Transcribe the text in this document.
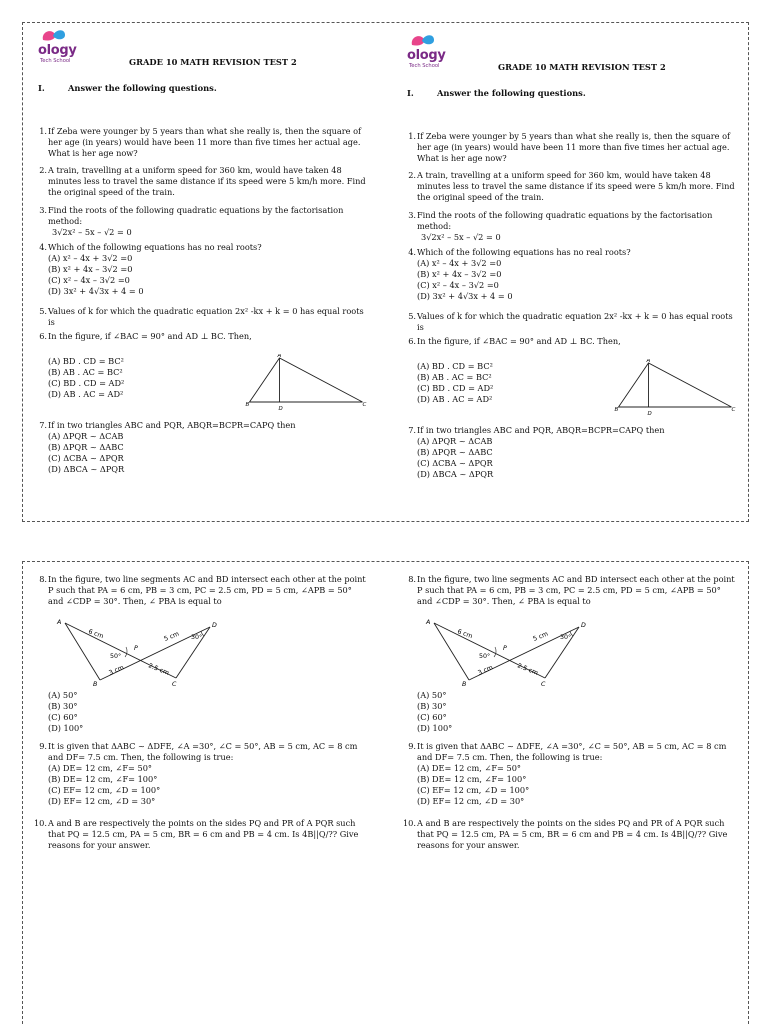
ology
Tech School	GRADE 10 MATH REVISION TEST 2
I.	Answer the following questions.
1. If Zeba were younger by 5 years than what she really is, then the square of her age (in years) would have been 11 more than five times her actual age. What is her age now?
2. A train, travelling at a uniform speed for 360 km, would have taken 48 minutes less to travel the same distance if its speed were 5 km/h more. Find the original speed of the train.
3. Find the roots of the following quadratic equations by the factorisation method:
3√2x² – 5x – √2 = 0
4. Which of the following equations has no real roots?
(A) x² – 4x + 3√2 =0
(B) x² + 4x – 3√2 =0
(C) x² – 4x – 3√2 =0
(D) 3x² + 4√3x + 4 = 0
5. Values of k for which the quadratic equation 2x² -kx + k = 0 has equal roots is
6. In the figure, if ∠BAC = 90° and AD ⊥ BC. Then,
(A) BD . CD = BC²
(B) AB . AC = BC²
(C) BD . CD = AD²
(D) AB . AC = AD²
7. If in two triangles ABC and PQR, ABQR=BCPR=CAPQ then
(A) ΔPQR ~ ΔCAB
(B) ΔPQR ~ ΔABC
(C) ΔCBA ~ ΔPQR
(D) ΔBCA ~ ΔPQR
A
B
D
C
ology
Tech School	GRADE 10 MATH REVISION TEST 2
I.	Answer the following questions.
1. If Zeba were younger by 5 years than what she really is, then the square of her age (in years) would have been 11 more than five times her actual age. What is her age now?
2. A train, travelling at a uniform speed for 360 km, would have taken 48 minutes less to travel the same distance if its speed were 5 km/h more. Find the original speed of the train.
3. Find the roots of the following quadratic equations by the factorisation method:
3√2x² – 5x – √2 = 0
4. Which of the following equations has no real roots?
(A) x² – 4x + 3√2 =0
(B) x² + 4x – 3√2 =0
(C) x² – 4x – 3√2 =0
(D) 3x² + 4√3x + 4 = 0
5. Values of k for which the quadratic equation 2x² -kx + k = 0 has equal roots is
6. In the figure, if ∠BAC = 90° and AD ⊥ BC. Then,
(A) BD . CD = BC²
(B) AB . AC = BC²
(C) BD . CD = AD²
(D) AB . AC = AD²
7. If in two triangles ABC and PQR, ABQR=BCPR=CAPQ then
(A) ΔPQR ~ ΔCAB
(B) ΔPQR ~ ΔABC
(C) ΔCBA ~ ΔPQR
(D) ΔBCA ~ ΔPQR
A
B
D
C
8. In the figure, two line segments AC and BD intersect each other at the point P such that PA = 6 cm, PB = 3 cm, PC = 2.5 cm, PD = 5 cm, ∠APB = 50° and ∠CDP = 30°. Then, ∠ PBA is equal to
(A) 50°
(B) 30°
(C) 60°
(D) 100°
9. It is given that ΔABC ~ ΔDFE, ∠A =30°, ∠C = 50°, AB = 5 cm, AC = 8 cm and DF= 7.5 cm. Then, the following is true:
(A) DE= 12 cm, ∠F= 50°
(B) DE= 12 cm, ∠F= 100°
(C) EF= 12 cm, ∠D = 100°
(D) EF= 12 cm, ∠D = 30°
10. A and B are respectively the points on the sides PQ and PR of A PQR such that PQ = 12.5 cm, PA = 5 cm, BR = 6 cm and PB = 4 cm. Is 4B||Q/?? Give reasons for your answer.
A
B	C
D
P
6 cm	5 cm
3 cm	2.5 cm
50°
30°
8. In the figure, two line segments AC and BD intersect each other at the point P such that PA = 6 cm, PB = 3 cm, PC = 2.5 cm, PD = 5 cm, ∠APB = 50° and ∠CDP = 30°. Then, ∠ PBA is equal to
(A) 50°
(B) 30°
(C) 60°
(D) 100°
9. It is given that ΔABC ~ ΔDFE, ∠A =30°, ∠C = 50°, AB = 5 cm, AC = 8 cm and DF= 7.5 cm. Then, the following is true:
(A) DE= 12 cm, ∠F= 50°
(B) DE= 12 cm, ∠F= 100°
(C) EF= 12 cm, ∠D = 100°
(D) EF= 12 cm, ∠D = 30°
10. A and B are respectively the points on the sides PQ and PR of A PQR such that PQ = 12.5 cm, PA = 5 cm, BR = 6 cm and PB = 4 cm. Is 4B||Q/?? Give reasons for your answer.
A
B	C
D
P
6 cm	5 cm
3 cm	2.5 cm
50°
30°
